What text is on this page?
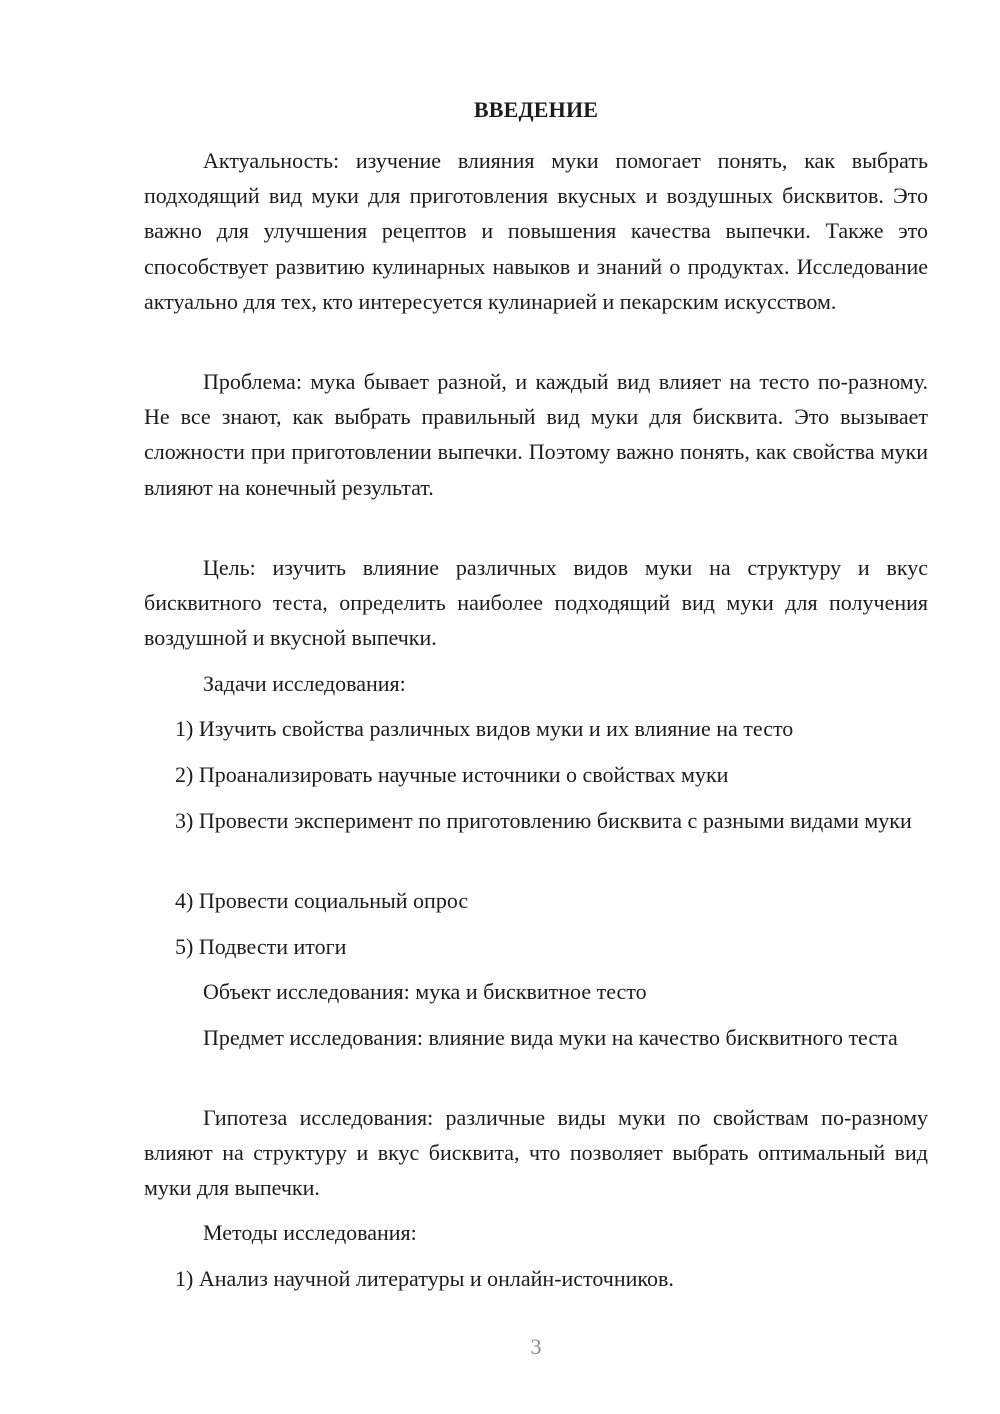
ВВЕДЕНИЕ

Актуальность: изучение влияния муки помогает понять, как выбрать подходящий вид муки для приготовления вкусных и воздушных бисквитов. Это важно для улучшения рецептов и повышения качества выпечки. Также это способствует развитию кулинарных навыков и знаний о продуктах. Исследование актуально для тех, кто интересуется кулинарией и пекарским искусством.

Проблема: мука бывает разной, и каждый вид влияет на тесто по-разному. Не все знают, как выбрать правильный вид муки для бисквита. Это вызывает сложности при приготовлении выпечки. Поэтому важно понять, как свойства муки влияют на конечный результат.

Цель: изучить влияние различных видов муки на структуру и вкус бисквитного теста, определить наиболее подходящий вид муки для получения воздушной и вкусной выпечки.

Задачи исследования:

1) Изучить свойства различных видов муки и их влияние на тесто

2) Проанализировать научные источники о свойствах муки

3) Провести эксперимент по приготовлению бисквита с разными видами муки

4) Провести социальный опрос

5) Подвести итоги

Объект исследования: мука и бисквитное тесто

Предмет исследования: влияние вида муки на качество бисквитного теста

Гипотеза исследования: различные виды муки по свойствам по-разному влияют на структуру и вкус бисквита, что позволяет выбрать оптимальный вид муки для выпечки.

Методы исследования:

1) Анализ научной литературы и онлайн-источников.

3
